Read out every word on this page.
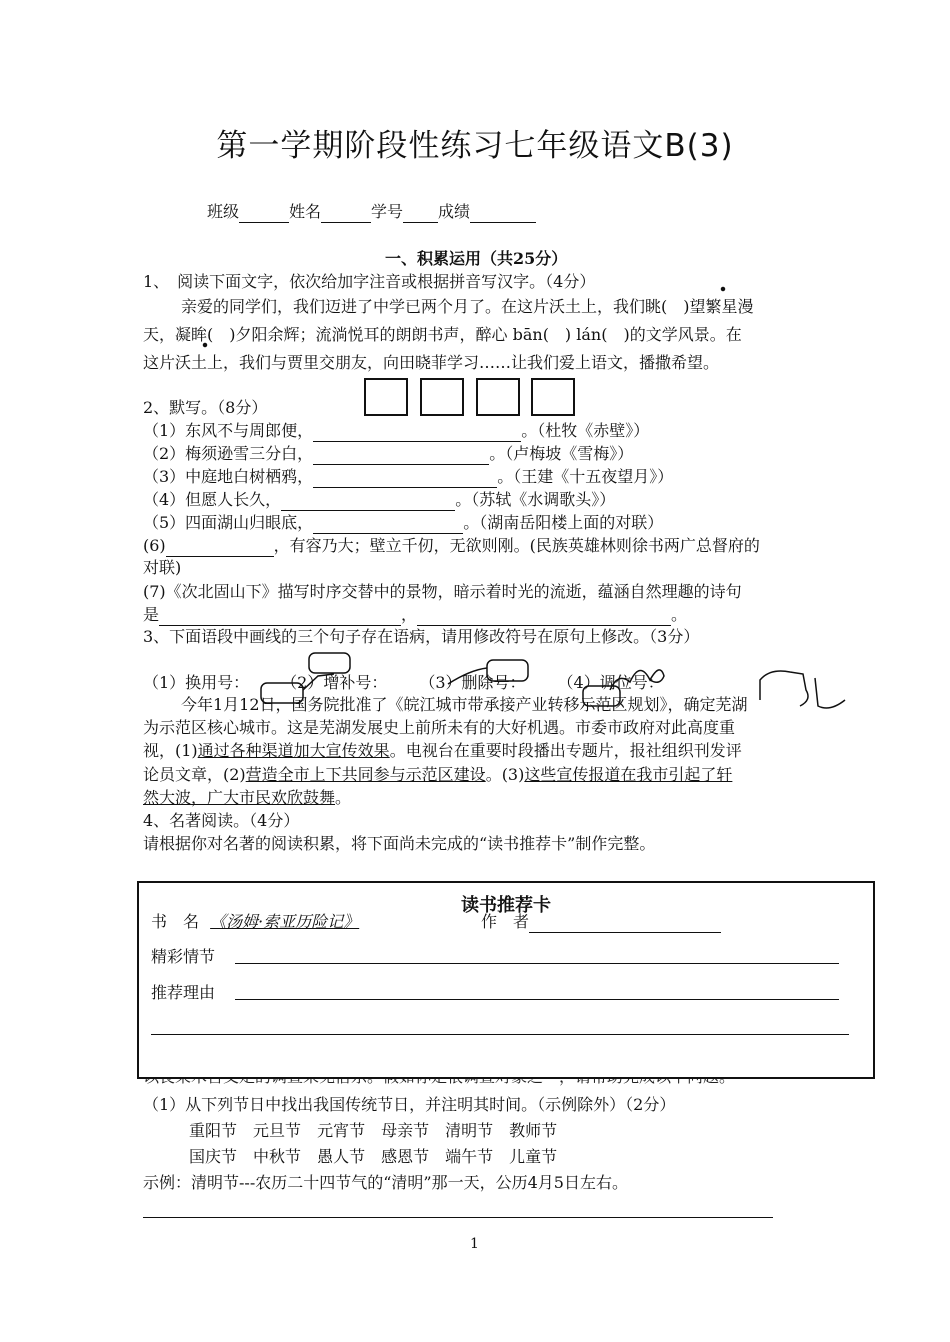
第一学期阶段性练习七年级语文B(3)
班级	姓名	学号 成绩
一、积累运用（共25分）
1、　阅读下面文字，依次给加字注音或根据拼音写汉字。（4分）
亲爱的同学们，我们迈进了中学已两个月了。在这片沃土上，我们眺(　)望繁星漫
天，凝眸(　)夕阳余辉；流淌悦耳的朗朗书声，醉心 bān(　) lán(　)的文学风景。在
这片沃土上，我们与贾里交朋友，向田晓菲学习……让我们爱上语文，播撒希望。
2、默写。（8分）
（1）东风不与周郎便，	。（杜牧《赤壁》）
（2）梅须逊雪三分白，	。（卢梅坡《雪梅》）
（3）中庭地白树栖鸦，	。（王建《十五夜望月》）
（4）但愿人长久，	。（苏轼《水调歌头》）
（5）四面湖山归眼底，	。（湖南岳阳楼上面的对联）
(6)	，有容乃大；壁立千仞，无欲则刚。(民族英雄林则徐书两广总督府的
对联)
(7)《次北固山下》描写时序交替中的景物，暗示着时光的流逝，蕴涵自然理趣的诗句
是	，	。
3、下面语段中画线的三个句子存在语病，请用修改符号在原句上修改。（3分）
（1）换用号：　　　（2）增补号：　　　（3）删除号：　　　（4）调位号：
今年1月12日，国务院批准了《皖江城市带承接产业转移示范区规划》，确定芜湖
为示范区核心城市。这是芜湖发展史上前所未有的大好机遇。市委市政府对此高度重
视，(1)通过各种渠道加大宣传效果。电视台在重要时段播出专题片，报社组织刊发评
论员文章，(2)营造全市上下共同参与示范区建设。(3)这些宣传报道在我市引起了轩
然大波，广大市民欢欣鼓舞。
4、名著阅读。（4分）
请根据你对名著的阅读积累，将下面尚未完成的“读书推荐卡”制作完整。
读书推荐卡
书　名 《汤姆·索亚历险记》	作　者
精彩情节
推荐理由
（1）从下列节日中找出我国传统节日，并注明其时间。（示例除外）（2分）
重阳节　 元旦节　 元宵节　 母亲节　 清明节　 教师节
国庆节　 中秋节　 愚人节　 感恩节　 端午节　 儿童节
示例：清明节---农历二十四节气的“清明”那一天，公历4月5日左右。
1
